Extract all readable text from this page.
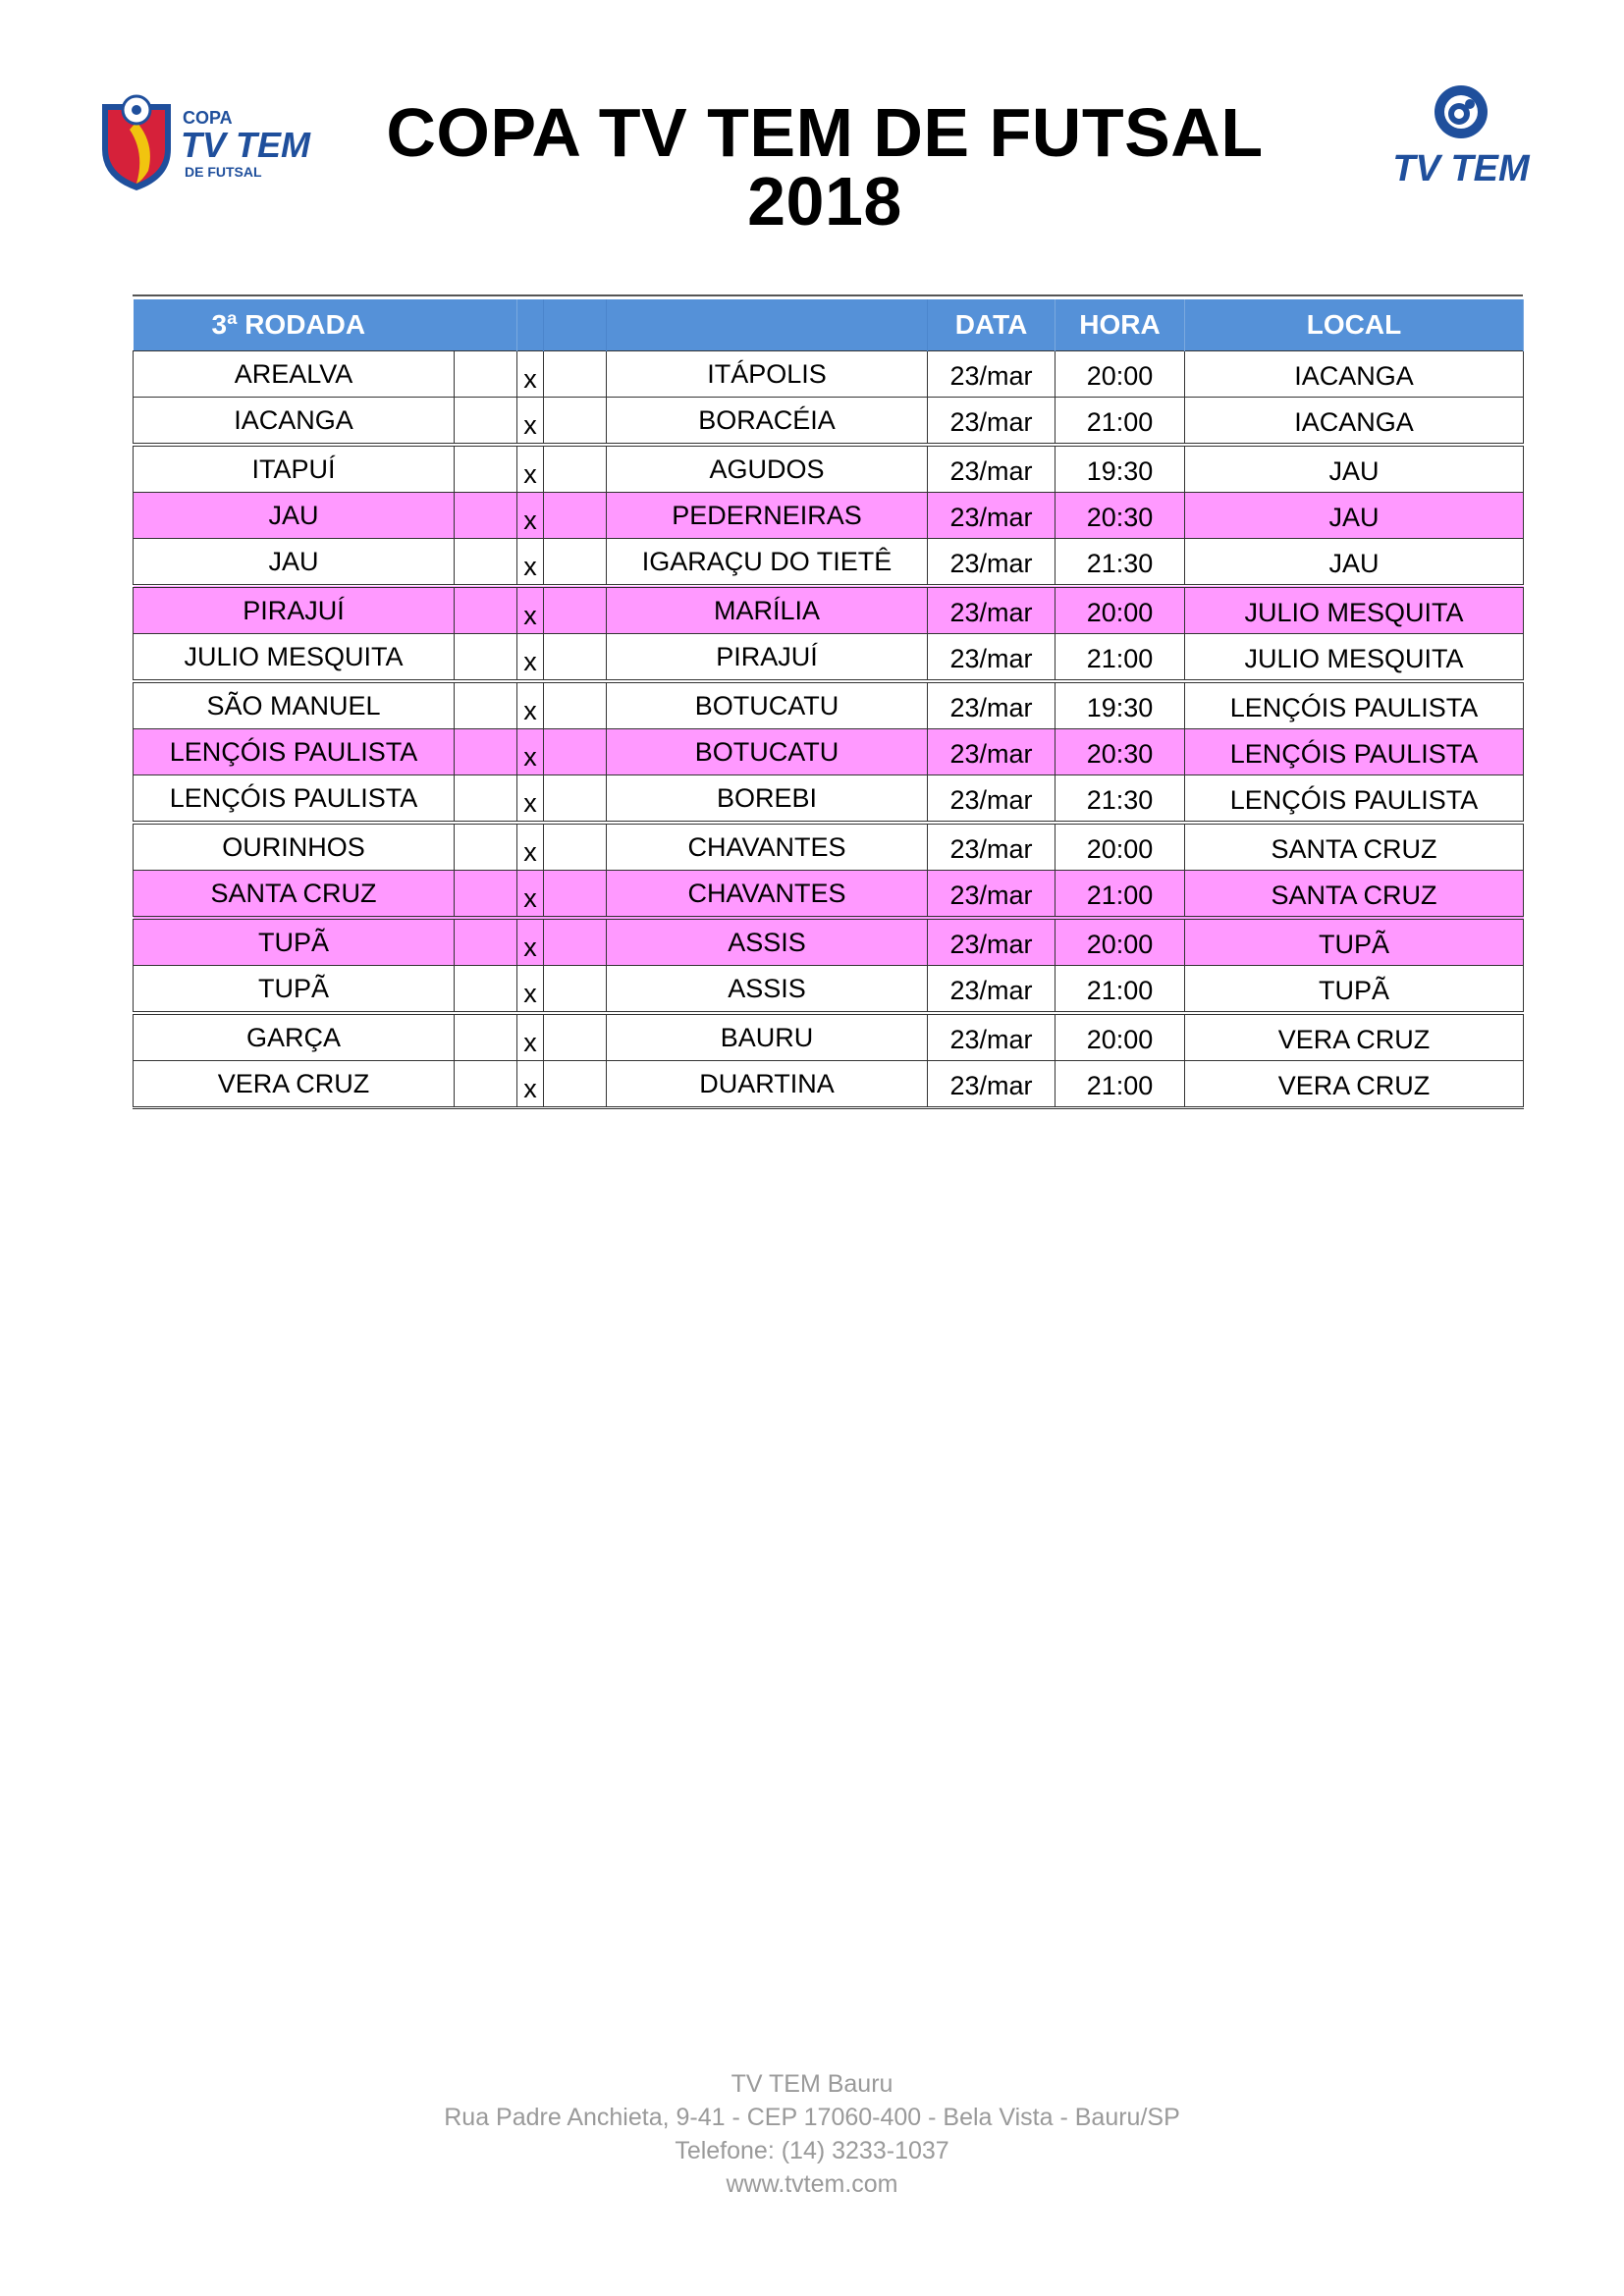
COPA
TV TEM
DE FUTSAL
COPA TV TEM DE FUTSAL 2018	TV TEM
3ª RODADA					DATA	HORA	LOCAL
AREALVA		x		ITÁPOLIS	23/mar	20:00	IACANGA
IACANGA		x		BORACÉIA	23/mar	21:00	IACANGA
ITAPUÍ		x		AGUDOS	23/mar	19:30	JAU
JAU		x		PEDERNEIRAS	23/mar	20:30	JAU
JAU		x		IGARAÇU DO TIETÊ	23/mar	21:30	JAU
PIRAJUÍ		x		MARÍLIA	23/mar	20:00	JULIO MESQUITA
JULIO MESQUITA		x		PIRAJUÍ	23/mar	21:00	JULIO MESQUITA
SÃO MANUEL		x		BOTUCATU	23/mar	19:30	LENÇÓIS PAULISTA
LENÇÓIS PAULISTA		x		BOTUCATU	23/mar	20:30	LENÇÓIS PAULISTA
LENÇÓIS PAULISTA		x		BOREBI	23/mar	21:30	LENÇÓIS PAULISTA
OURINHOS		x		CHAVANTES	23/mar	20:00	SANTA CRUZ
SANTA CRUZ		x		CHAVANTES	23/mar	21:00	SANTA CRUZ
TUPÃ		x		ASSIS	23/mar	20:00	TUPÃ
TUPÃ		x		ASSIS	23/mar	21:00	TUPÃ
GARÇA		x		BAURU	23/mar	20:00	VERA CRUZ
VERA CRUZ		x		DUARTINA	23/mar	21:00	VERA CRUZ
TV TEM Bauru
Rua Padre Anchieta, 9-41 - CEP 17060-400 - Bela Vista - Bauru/SP
Telefone: (14) 3233-1037
www.tvtem.com
